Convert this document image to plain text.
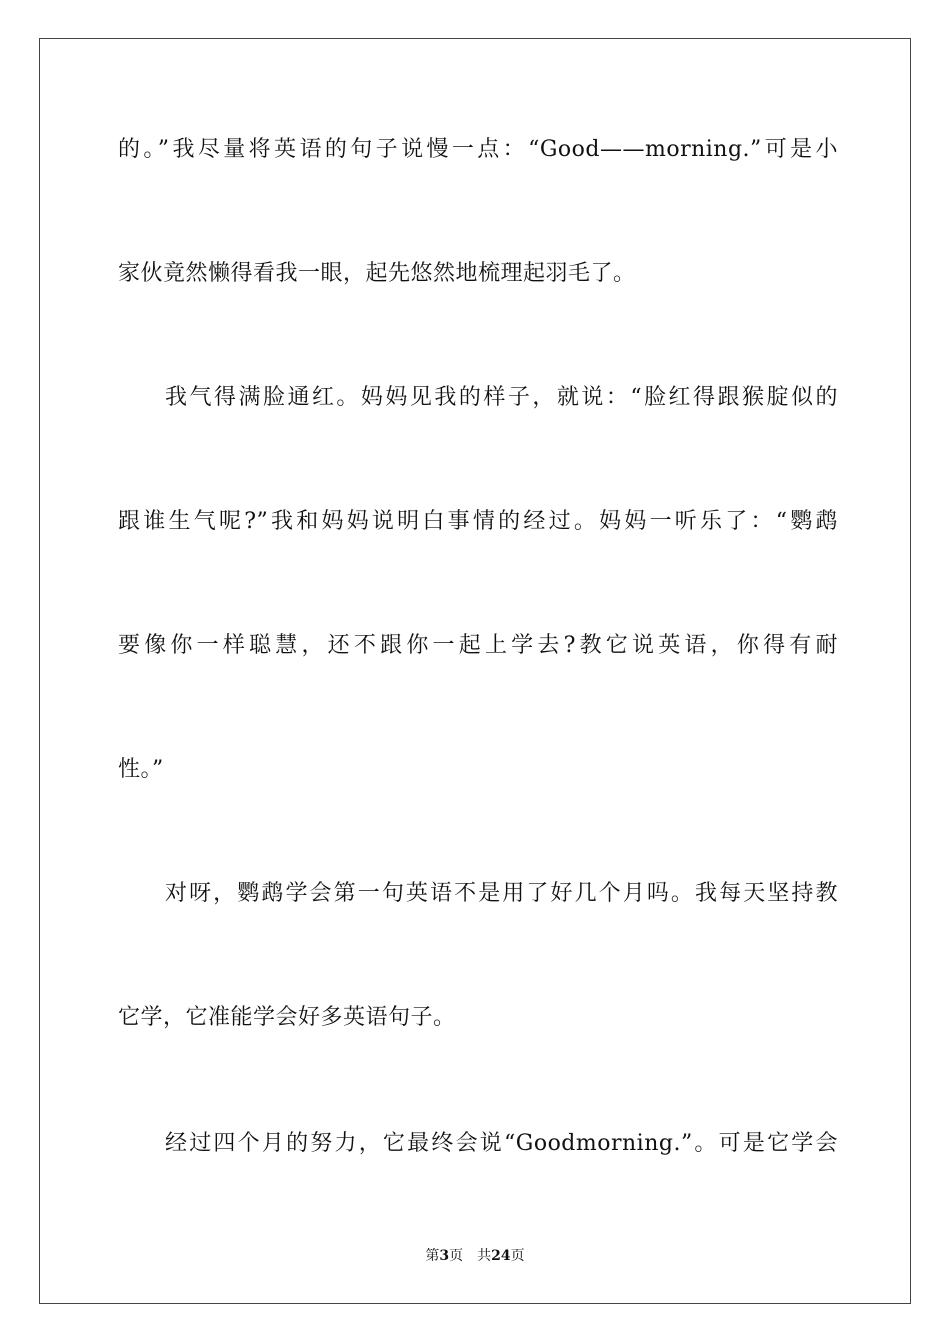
的。”我尽量将英语的句子说慢一点：“Good——morning.”可是小
家伙竟然懒得看我一眼，起先悠然地梳理起羽毛了。
我气得满脸通红。妈妈见我的样子，就说：“脸红得跟猴腚似的
跟谁生气呢?”我和妈妈说明白事情的经过。妈妈一听乐了：“鹦鹉
要像你一样聪慧，还不跟你一起上学去?教它说英语，你得有耐
性。”
对呀，鹦鹉学会第一句英语不是用了好几个月吗。我每天坚持教
它学，它准能学会好多英语句子。
经过四个月的努力，它最终会说“Goodmorning.”。可是它学会
第3页 共24页
